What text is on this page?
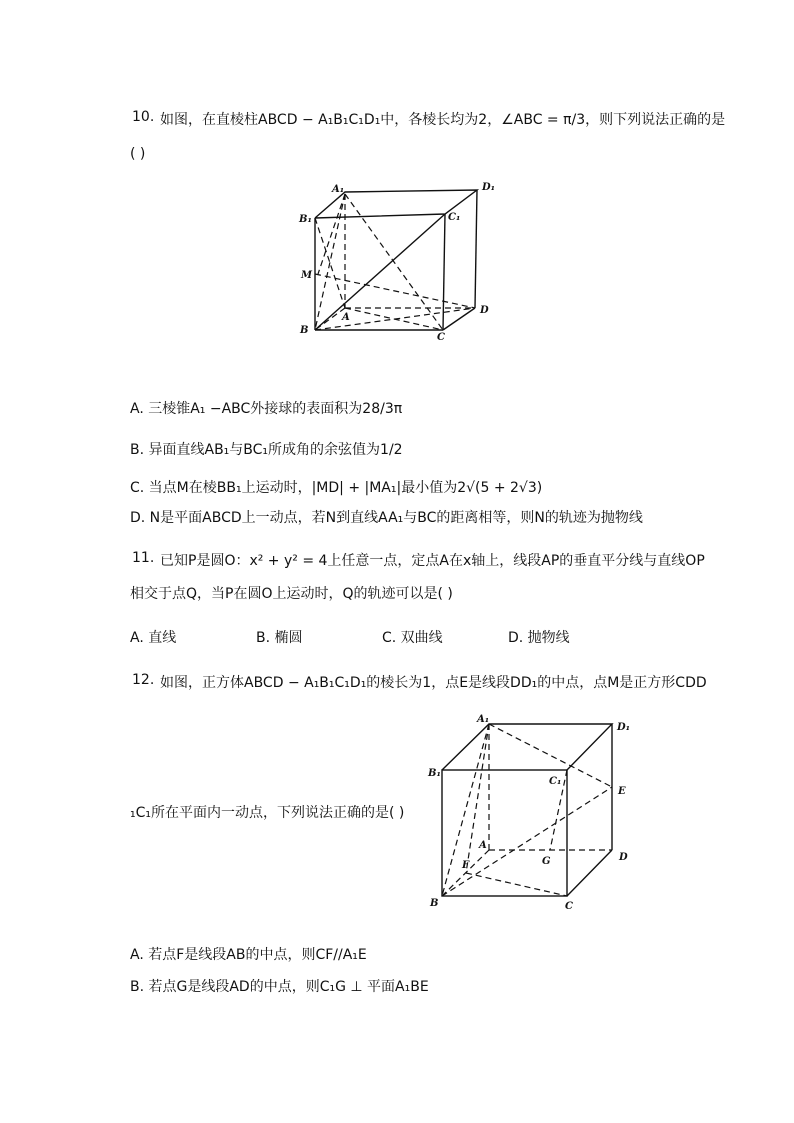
10. 如图，在直棱柱ABCD − A₁B₁C₁D₁中，各棱长均为2，∠ABC = π/3，则下列说法正确的是
( )
A₁	D₁
B₁	C₁
M
A
D
B
C
A. 三棱锥A₁ −ABC外接球的表面积为28/3π
B. 异面直线AB₁与BC₁所成角的余弦值为1/2
C. 当点M在棱BB₁上运动时，|MD| + |MA₁|最小值为2√(5 + 2√3)
D. N是平面ABCD上一动点，若N到直线AA₁与BC的距离相等，则N的轨迹为抛物线
11. 已知P是圆O：x² + y² = 4上任意一点，定点A在x轴上，线段AP的垂直平分线与直线OP
相交于点Q，当P在圆O上运动时，Q的轨迹可以是( )
A. 直线	B. 椭圆	C. 双曲线	D. 抛物线
12. 如图，正方体ABCD − A₁B₁C₁D₁的棱长为1，点E是线段DD₁的中点，点M是正方形CDD
₁C₁所在平面内一动点，下列说法正确的是( )
A₁
D₁
B₁
C₁
E
A
F	G	D
B	C
A. 若点F是线段AB的中点，则CF//A₁E
B. 若点G是线段AD的中点，则C₁G ⊥ 平面A₁BE
